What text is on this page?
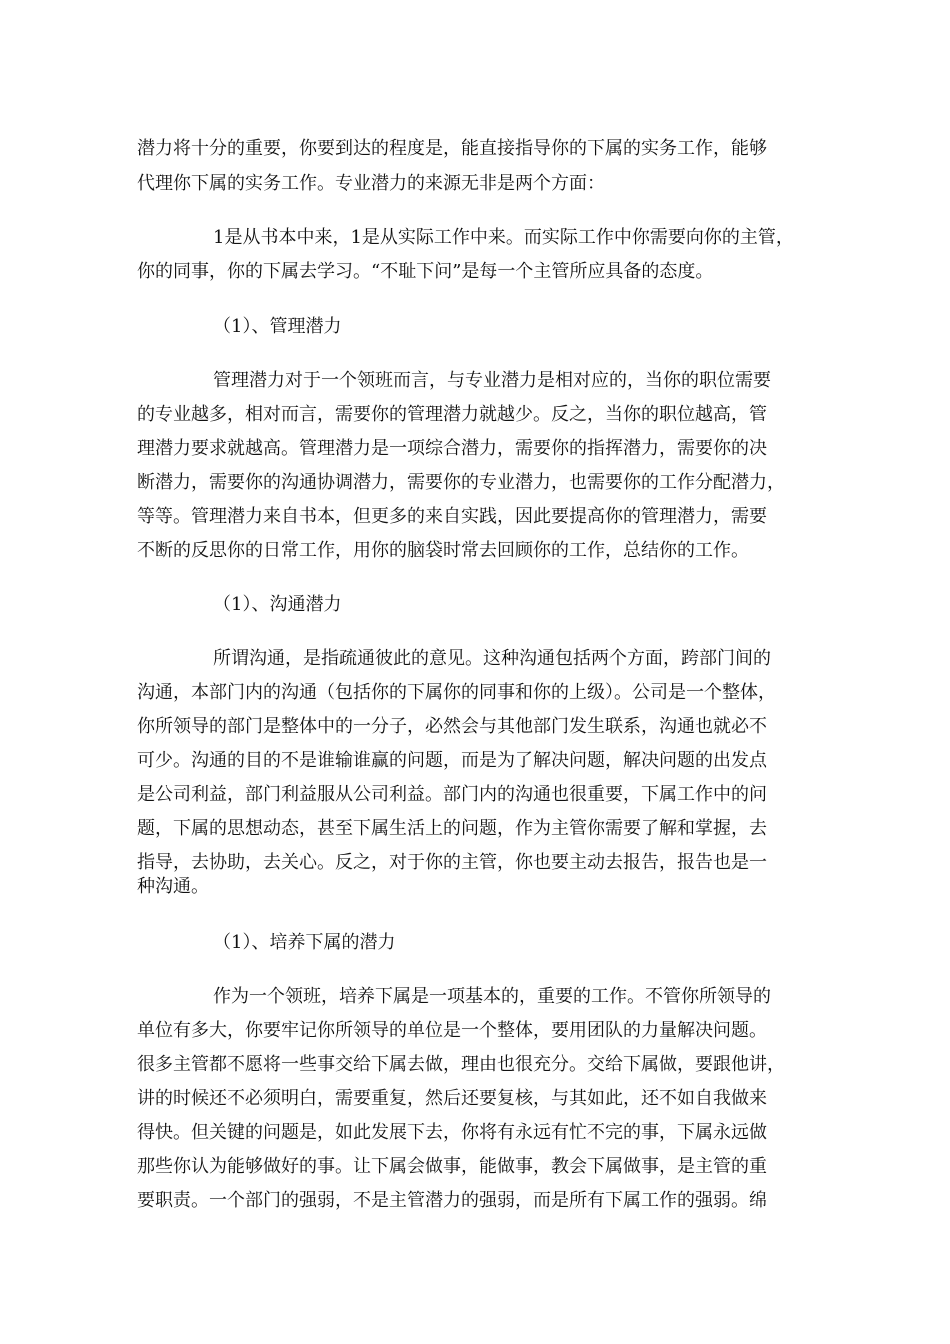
潜力将十分的重要，你要到达的程度是，能直接指导你的下属的实务工作，能够
代理你下属的实务工作。专业潜力的来源无非是两个方面：
1是从书本中来，1是从实际工作中来。而实际工作中你需要向你的主管，
你的同事，你的下属去学习。“不耻下问”是每一个主管所应具备的态度。
（1）、管理潜力
管理潜力对于一个领班而言，与专业潜力是相对应的，当你的职位需要
的专业越多，相对而言，需要你的管理潜力就越少。反之，当你的职位越高，管
理潜力要求就越高。管理潜力是一项综合潜力，需要你的指挥潜力，需要你的决
断潜力，需要你的沟通协调潜力，需要你的专业潜力，也需要你的工作分配潜力，
等等。管理潜力来自书本，但更多的来自实践，因此要提高你的管理潜力，需要
不断的反思你的日常工作，用你的脑袋时常去回顾你的工作，总结你的工作。
（1）、沟通潜力
所谓沟通，是指疏通彼此的意见。这种沟通包括两个方面，跨部门间的
沟通，本部门内的沟通（包括你的下属你的同事和你的上级）。公司是一个整体，
你所领导的部门是整体中的一分子，必然会与其他部门发生联系，沟通也就必不
可少。沟通的目的不是谁输谁赢的问题，而是为了解决问题，解决问题的出发点
是公司利益，部门利益服从公司利益。部门内的沟通也很重要，下属工作中的问
题，下属的思想动态，甚至下属生活上的问题，作为主管你需要了解和掌握，去
指导，去协助，去关心。反之，对于你的主管，你也要主动去报告，报告也是一
种沟通。
（1）、培养下属的潜力
作为一个领班，培养下属是一项基本的，重要的工作。不管你所领导的
单位有多大，你要牢记你所领导的单位是一个整体，要用团队的力量解决问题。
很多主管都不愿将一些事交给下属去做，理由也很充分。交给下属做，要跟他讲，
讲的时候还不必须明白，需要重复，然后还要复核，与其如此，还不如自我做来
得快。但关键的问题是，如此发展下去，你将有永远有忙不完的事，下属永远做
那些你认为能够做好的事。让下属会做事，能做事，教会下属做事，是主管的重
要职责。一个部门的强弱，不是主管潜力的强弱，而是所有下属工作的强弱。绵
